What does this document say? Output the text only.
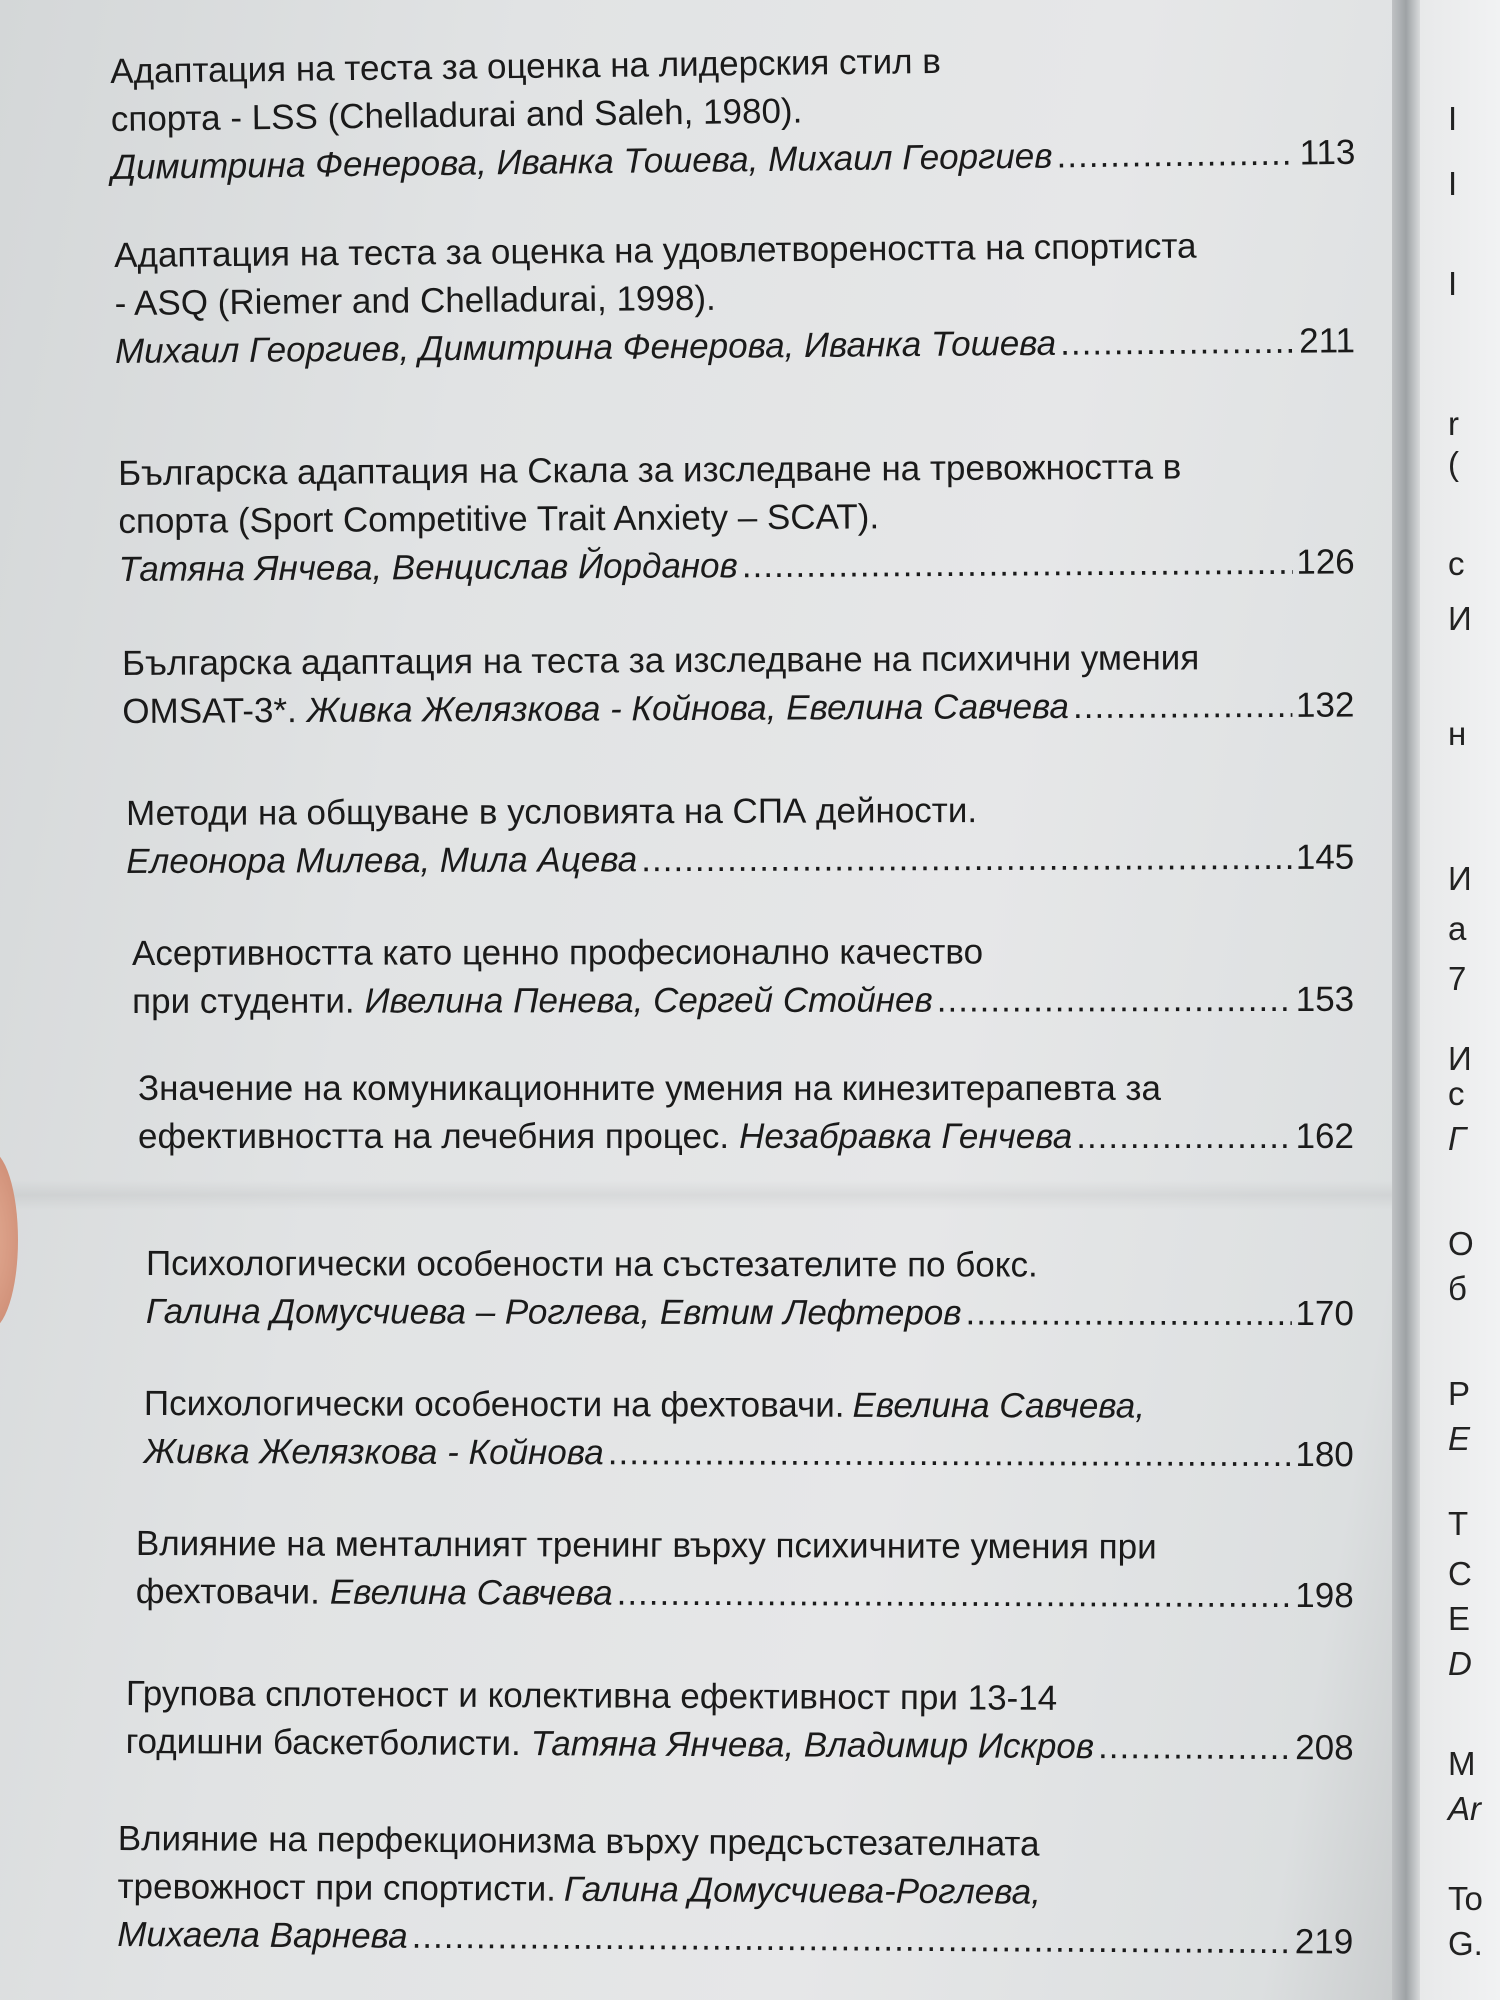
Адаптация на теста за оценка на лидерския стил в
спорта - LSS (Chelladurai and Saleh, 1980).
Димитрина Фенерова, Иванка Тошева, Михаил Георгиев .....	113
Адаптация на теста за оценка на удовлетвореността на спортиста
- ASQ (Riemer and Chelladurai, 1998).
Михаил Георгиев, Димитрина Фенерова, Иванка Тошева .....	211
Българска адаптация на Скала за изследване на тревожността в
спорта (Sport Competitive Trait Anxiety – SCAT).
Татяна Янчева, Венцислав Йорданов .....	126
Българска адаптация на теста за изследване на психични умения
OMSAT-3*. Живка Желязкова - Койнова, Евелина Савчева .....	132
Методи на общуване в условията на СПА дейности.
Елеонора Милева, Мила Ацева .....	145
Асертивността като ценно професионално качество
при студенти. Ивелина Пенева, Сергей Стойнев .....	153
Значение на комуникационните умения на кинезитерапевта за
ефективността на лечебния процес. Незабравка Генчева .....	162
Психологически особености на състезателите по бокс.
Галина Домусчиева – Роглева, Евтим Лефтеров .....	170
Психологически особености на фехтовачи. Евелина Савчева,
Живка Желязкова - Койнова .....	180
Влияние на менталният тренинг върху психичните умения при
фехтовачи. Евелина Савчева .....	198
Групова сплотеност и колективна ефективност при 13-14
годишни баскетболисти. Татяна Янчева, Владимир Искров .....	208
Влияние на перфекционизма върху предсъстезателната
тревожност при спортисти. Галина Домусчиева-Роглева,
Михаела Варнева .....	219
I
I
I
r
(
c
И
н
И
a
7
И
с
Г
О
б
Р
Е
Т
С
E
D
М
Ar
To
G.
